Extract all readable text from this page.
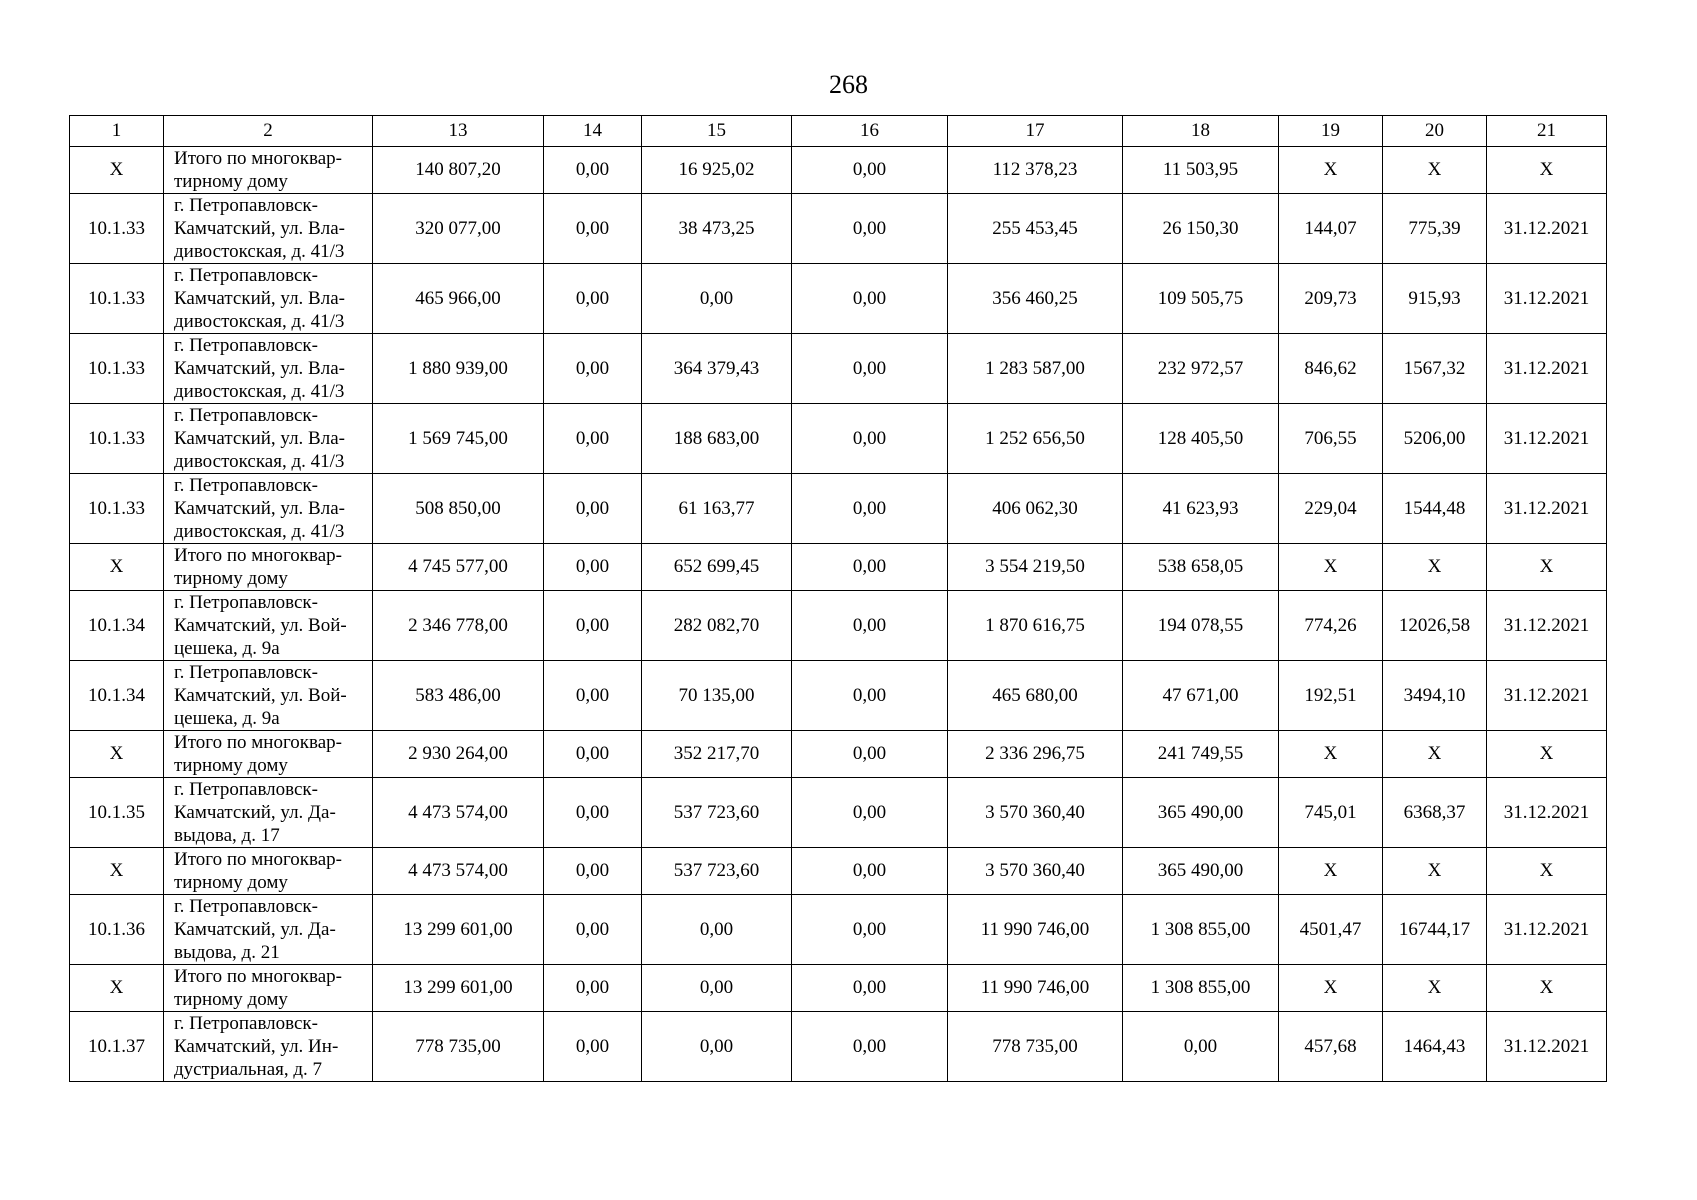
268
1	2	13	14	15	16	17	18	19	20	21
X	Итого по многоквар-тирному дому	140 807,20	0,00	16 925,02	0,00	112 378,23	11 503,95	X	X	X
10.1.33	г. Петропавловск-Камчатский, ул. Вла-дивостокская, д. 41/3	320 077,00	0,00	38 473,25	0,00	255 453,45	26 150,30	144,07	775,39	31.12.2021
10.1.33	г. Петропавловск-Камчатский, ул. Вла-дивостокская, д. 41/3	465 966,00	0,00	0,00	0,00	356 460,25	109 505,75	209,73	915,93	31.12.2021
10.1.33	г. Петропавловск-Камчатский, ул. Вла-дивостокская, д. 41/3	1 880 939,00	0,00	364 379,43	0,00	1 283 587,00	232 972,57	846,62	1567,32	31.12.2021
10.1.33	г. Петропавловск-Камчатский, ул. Вла-дивостокская, д. 41/3	1 569 745,00	0,00	188 683,00	0,00	1 252 656,50	128 405,50	706,55	5206,00	31.12.2021
10.1.33	г. Петропавловск-Камчатский, ул. Вла-дивостокская, д. 41/3	508 850,00	0,00	61 163,77	0,00	406 062,30	41 623,93	229,04	1544,48	31.12.2021
X	Итого по многоквар-тирному дому	4 745 577,00	0,00	652 699,45	0,00	3 554 219,50	538 658,05	X	X	X
10.1.34	г. Петропавловск-Камчатский, ул. Вой-цешека, д. 9а	2 346 778,00	0,00	282 082,70	0,00	1 870 616,75	194 078,55	774,26	12026,58	31.12.2021
10.1.34	г. Петропавловск-Камчатский, ул. Вой-цешека, д. 9а	583 486,00	0,00	70 135,00	0,00	465 680,00	47 671,00	192,51	3494,10	31.12.2021
X	Итого по многоквар-тирному дому	2 930 264,00	0,00	352 217,70	0,00	2 336 296,75	241 749,55	X	X	X
10.1.35	г. Петропавловск-Камчатский, ул. Да-выдова, д. 17	4 473 574,00	0,00	537 723,60	0,00	3 570 360,40	365 490,00	745,01	6368,37	31.12.2021
X	Итого по многоквар-тирному дому	4 473 574,00	0,00	537 723,60	0,00	3 570 360,40	365 490,00	X	X	X
10.1.36	г. Петропавловск-Камчатский, ул. Да-выдова, д. 21	13 299 601,00	0,00	0,00	0,00	11 990 746,00	1 308 855,00	4501,47	16744,17	31.12.2021
X	Итого по многоквар-тирному дому	13 299 601,00	0,00	0,00	0,00	11 990 746,00	1 308 855,00	X	X	X
10.1.37	г. Петропавловск-Камчатский, ул. Ин-дустриальная, д. 7	778 735,00	0,00	0,00	0,00	778 735,00	0,00	457,68	1464,43	31.12.2021
